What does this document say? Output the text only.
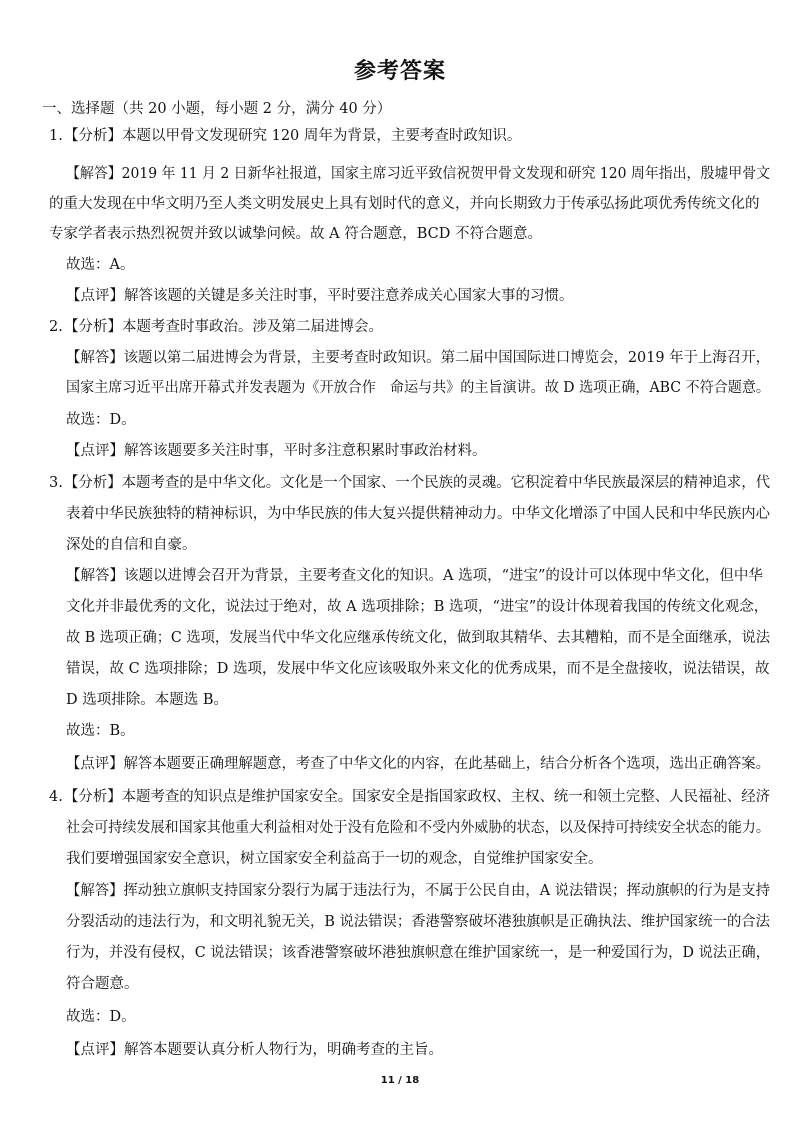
参考答案
一、选择题（共 20 小题，每小题 2 分，满分 40 分）
1. 【分析】本题以甲骨文发现研究 120 周年为背景，主要考查时政知识。
【解答】2019 年 11 月 2 日新华社报道，国家主席习近平致信祝贺甲骨文发现和研究 120 周年指出，殷墟甲骨文
的重大发现在中华文明乃至人类文明发展史上具有划时代的意义，并向长期致力于传承弘扬此项优秀传统文化的
专家学者表示热烈祝贺并致以诚挚问候。故 A 符合题意，BCD 不符合题意。
故选：A。
【点评】解答该题的关键是多关注时事，平时要注意养成关心国家大事的习惯。
2. 【分析】本题考查时事政治。涉及第二届进博会。
【解答】该题以第二届进博会为背景，主要考查时政知识。第二届中国国际进口博览会，2019 年于上海召开，
国家主席习近平出席开幕式并发表题为《开放合作　命运与共》的主旨演讲。故 D 选项正确，ABC 不符合题意。
故选：D。
【点评】解答该题要多关注时事，平时多注意积累时事政治材料。
3. 【分析】本题考查的是中华文化。文化是一个国家、一个民族的灵魂。它积淀着中华民族最深层的精神追求，代
表着中华民族独特的精神标识，为中华民族的伟大复兴提供精神动力。中华文化增添了中国人民和中华民族内心
深处的自信和自豪。
【解答】该题以进博会召开为背景，主要考查文化的知识。A 选项，“进宝”的设计可以体现中华文化，但中华
文化并非最优秀的文化，说法过于绝对，故 A 选项排除；B 选项，“进宝”的设计体现着我国的传统文化观念，
故 B 选项正确；C 选项，发展当代中华文化应继承传统文化，做到取其精华、去其糟粕，而不是全面继承，说法
错误，故 C 选项排除；D 选项，发展中华文化应该吸取外来文化的优秀成果，而不是全盘接收，说法错误，故
D 选项排除。本题选 B。
故选：B。
【点评】解答本题要正确理解题意，考查了中华文化的内容，在此基础上，结合分析各个选项，选出正确答案。
4. 【分析】本题考查的知识点是维护国家安全。国家安全是指国家政权、主权、统一和领土完整、人民福祉、经济
社会可持续发展和国家其他重大利益相对处于没有危险和不受内外威胁的状态，以及保持可持续安全状态的能力。
我们要增强国家安全意识，树立国家安全利益高于一切的观念，自觉维护国家安全。
【解答】挥动独立旗帜支持国家分裂行为属于违法行为，不属于公民自由，A 说法错误；挥动旗帜的行为是支持
分裂活动的违法行为，和文明礼貌无关，B 说法错误；香港警察破坏港独旗帜是正确执法、维护国家统一的合法
行为，并没有侵权，C 说法错误；该香港警察破坏港独旗帜意在维护国家统一，是一种爱国行为，D 说法正确，
符合题意。
故选：D。
【点评】解答本题要认真分析人物行为，明确考查的主旨。
11 / 18
